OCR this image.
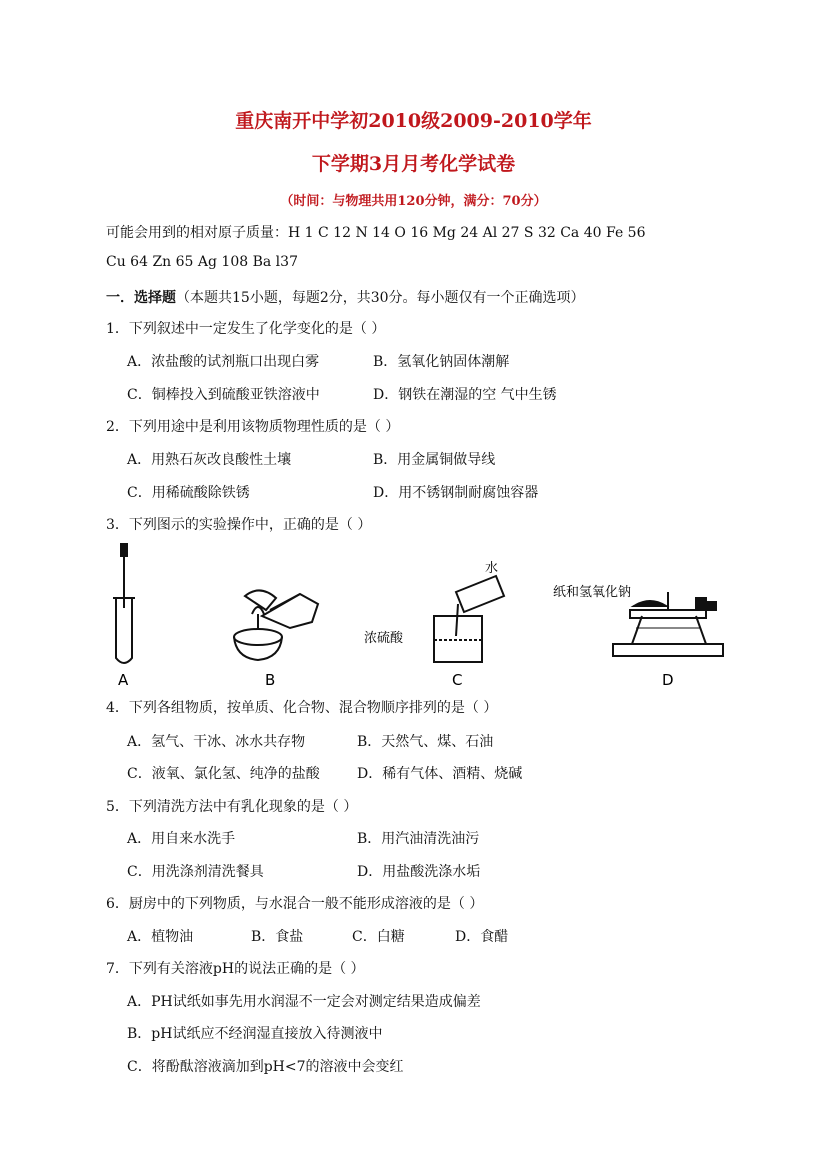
重庆南开中学初2010级2009-2010学年
下学期3月月考化学试卷
（时间：与物理共用120分钟，满分：70分）
可能会用到的相对原子质量：H 1 C 12 N 14 O 16 Mg 24 Al 27 S 32 Ca 40 Fe 56
Cu 64 Zn 65 Ag 108 Ba l37
一．选择题（本题共15小题，每题2分，共30分。每小题仅有一个正确选项）
1．下列叙述中一定发生了化学变化的是（ ）
A．浓盐酸的试剂瓶口出现白雾	B．氢氧化钠固体潮解
C．铜棒投入到硫酸亚铁溶液中	D．钢铁在潮湿的空 气中生锈
2．下列用途中是利用该物质物理性质的是（ ）
A．用熟石灰改良酸性土壤	B．用金属铜做导线
C．用稀硫酸除铁锈	D．用不锈钢制耐腐蚀容器
3．下列图示的实验操作中，正确的是（ ）
A	B
水
浓硫酸
C
纸和氢氧化钠
D
4．下列各组物质，按单质、化合物、混合物顺序排列的是（ ）
A．氢气、干冰、冰水共存物	B．天然气、煤、石油
C．液氧、氯化氢、纯净的盐酸	D．稀有气体、酒精、烧碱
5．下列清洗方法中有乳化现象的是（ ）
A．用自来水洗手	B．用汽油清洗油污
C．用洗涤剂清洗餐具	D．用盐酸洗涤水垢
6．厨房中的下列物质，与水混合一般不能形成溶液的是（ ）
A．植物油	B．食盐	C．白糖	D．食醋
7．下列有关溶液pH的说法正确的是（ ）
A．PH试纸如事先用水润湿不一定会对测定结果造成偏差
B．pH试纸应不经润湿直接放入待测液中
C．将酚酞溶液滴加到pH<7的溶液中会变红
